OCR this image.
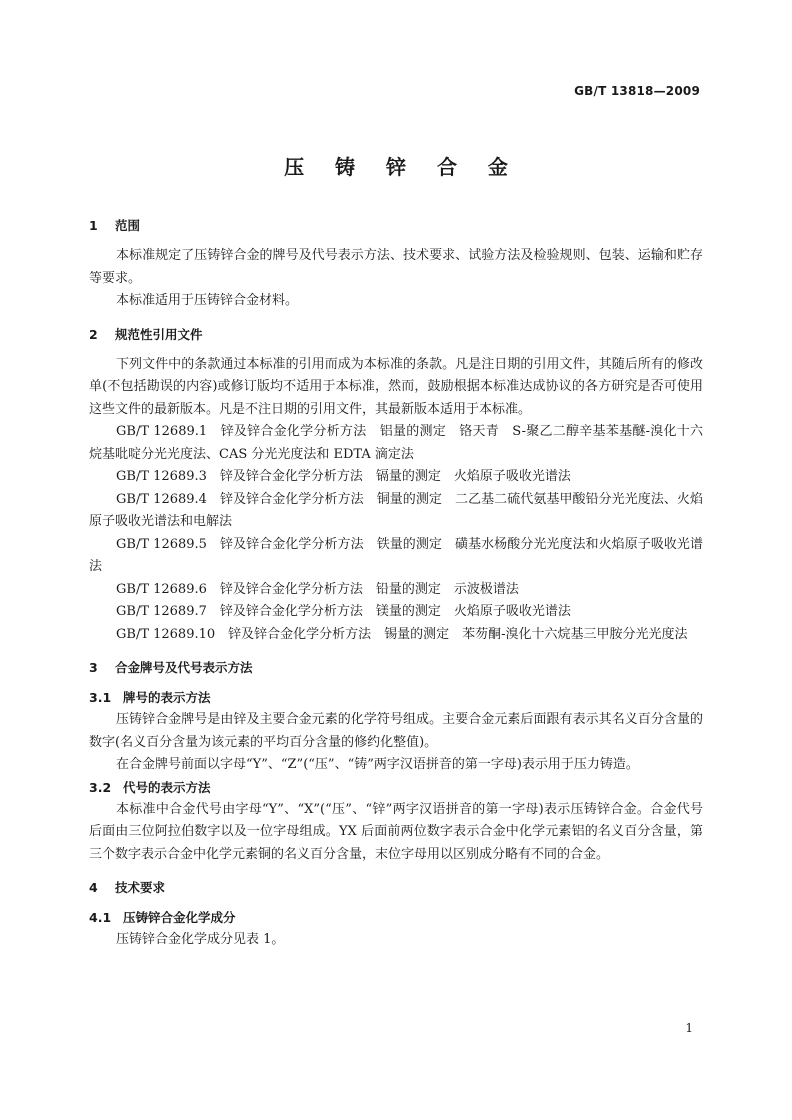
GB/T 13818—2009
压 铸 锌 合 金
1 范围
本标准规定了压铸锌合金的牌号及代号表示方法、技术要求、试验方法及检验规则、包装、运输和贮存等要求。
本标准适用于压铸锌合金材料。
2 规范性引用文件
下列文件中的条款通过本标准的引用而成为本标准的条款。凡是注日期的引用文件，其随后所有的修改单(不包括勘误的内容)或修订版均不适用于本标准，然而，鼓励根据本标准达成协议的各方研究是否可使用这些文件的最新版本。凡是不注日期的引用文件，其最新版本适用于本标准。
GB/T 12689.1　锌及锌合金化学分析方法　铝量的测定　铬天青　S-聚乙二醇辛基苯基醚-溴化十六烷基吡啶分光光度法、CAS 分光光度法和 EDTA 滴定法
GB/T 12689.3　锌及锌合金化学分析方法　镉量的测定　火焰原子吸收光谱法
GB/T 12689.4　锌及锌合金化学分析方法　铜量的测定　二乙基二硫代氨基甲酸铅分光光度法、火焰原子吸收光谱法和电解法
GB/T 12689.5　锌及锌合金化学分析方法　铁量的测定　磺基水杨酸分光光度法和火焰原子吸收光谱法
GB/T 12689.6　锌及锌合金化学分析方法　铅量的测定　示波极谱法
GB/T 12689.7　锌及锌合金化学分析方法　镁量的测定　火焰原子吸收光谱法
GB/T 12689.10　锌及锌合金化学分析方法　锡量的测定　苯芴酮-溴化十六烷基三甲胺分光光度法
3 合金牌号及代号表示方法
3.1 牌号的表示方法
压铸锌合金牌号是由锌及主要合金元素的化学符号组成。主要合金元素后面跟有表示其名义百分含量的数字(名义百分含量为该元素的平均百分含量的修约化整值)。
在合金牌号前面以字母“Y”、“Z”(“压”、“铸”两字汉语拼音的第一字母)表示用于压力铸造。
3.2 代号的表示方法
本标准中合金代号由字母“Y”、“X”(“压”、“锌”两字汉语拼音的第一字母)表示压铸锌合金。合金代号后面由三位阿拉伯数字以及一位字母组成。YX 后面前两位数字表示合金中化学元素铝的名义百分含量，第三个数字表示合金中化学元素铜的名义百分含量，末位字母用以区别成分略有不同的合金。
4 技术要求
4.1 压铸锌合金化学成分
压铸锌合金化学成分见表 1。
1
